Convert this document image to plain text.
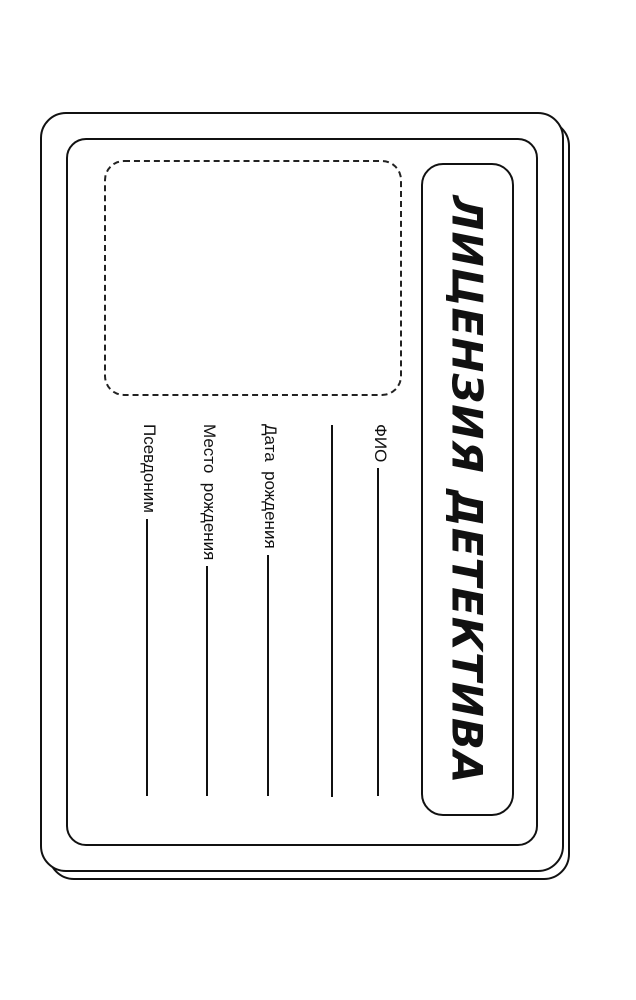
ЛИЦЕНЗИЯ ДЕТЕКТИВА
ФИО
Дата  рождения
Место  рождения
Псевдоним
